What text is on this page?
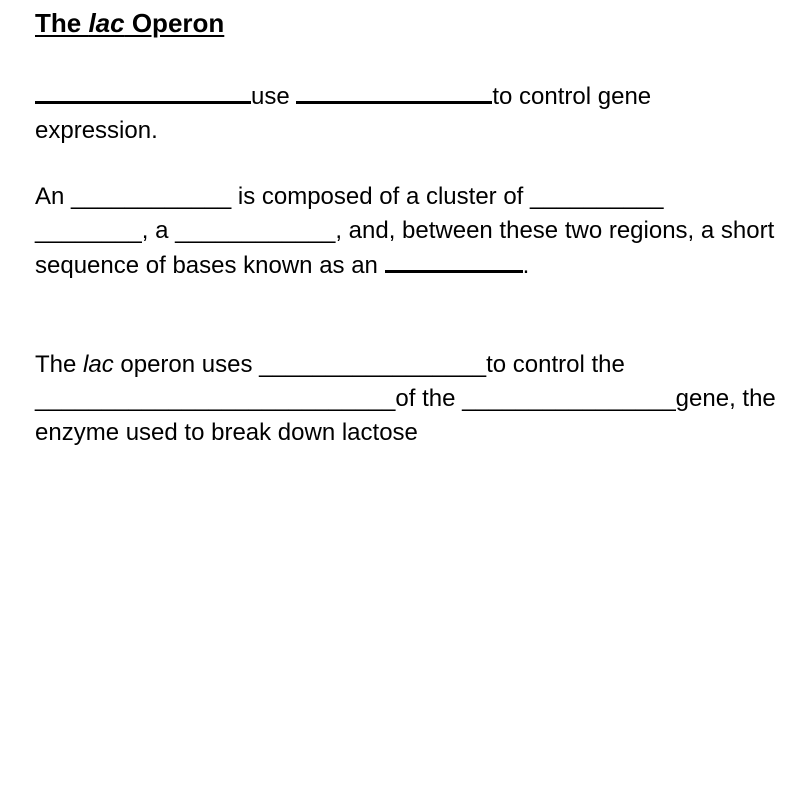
The lac Operon
use	to control gene expression.
An ____________ is composed of a cluster of __________ ________, a ____________, and, between these two regions, a short sequence of bases known as an	.
The lac operon uses _________________to control the ___________________________of the ________________gene, the enzyme used to break down lactose
